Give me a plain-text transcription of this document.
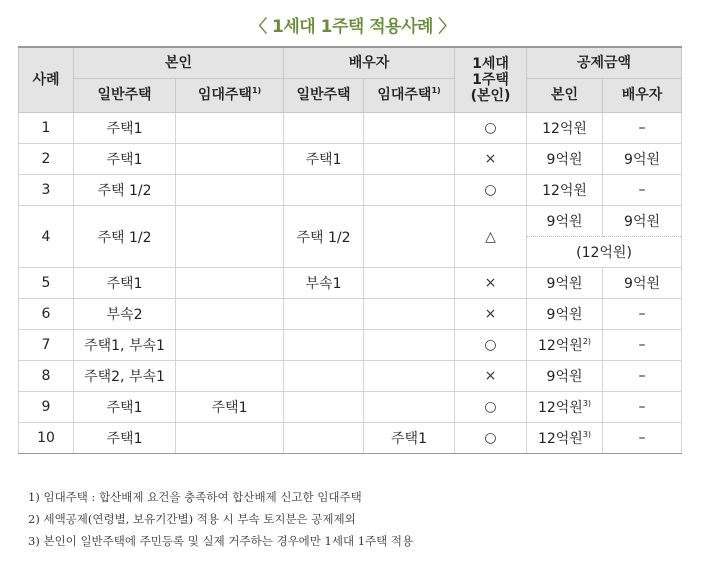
〈 1세대 1주택 적용사례 〉
사례	본인		배우자		1세대
1주택
(본인)	공제금액	
	일반주택	임대주택$^{1)}$	일반주택	임대주택$^{1)}$		본인	배우자
1	주택1				○	12억원	–
2	주택1		주택1		×	9억원	9억원
3	주택 1/2				○	12억원	–
4	주택 1/2		주택 1/2		△	9억원	9억원
						(12억원)	
5	주택1		부속1		×	9억원	9억원
6	부속2				×	9억원	–
7	주택1, 부속1				○	12억원$^{2)}$	–
8	주택2, 부속1				×	9억원	–
9	주택1	주택1			○	12억원$^{3)}$	–
10	주택1			주택1	○	12억원$^{3)}$	–
1) 임대주택 : 합산배제 요건을 충족하여 합산배제 신고한 임대주택
2) 세액공제(연령별, 보유기간별) 적용 시 부속 토지분은 공제제외
3) 본인이 일반주택에 주민등록 및 실제 거주하는 경우에만 1세대 1주택 적용
